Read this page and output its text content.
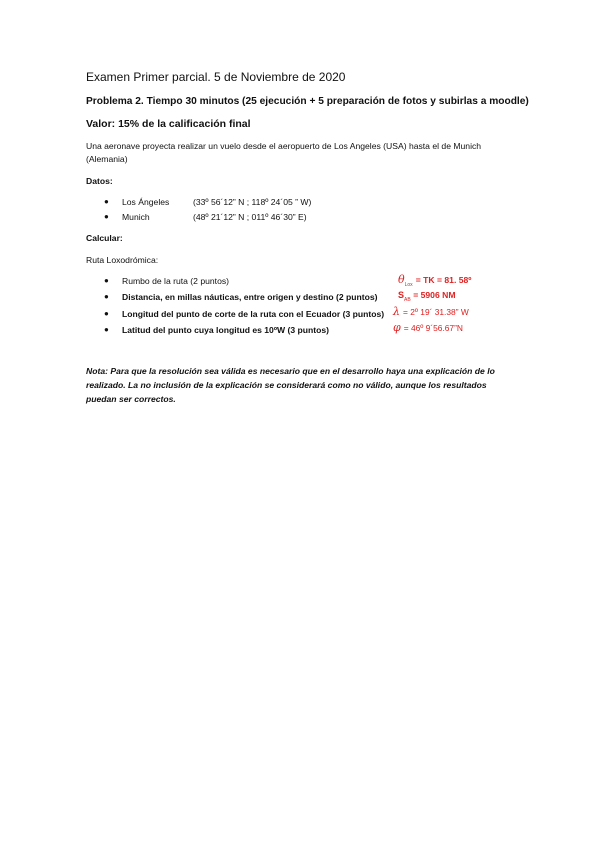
Examen Primer parcial. 5 de Noviembre de 2020
Problema 2. Tiempo 30 minutos (25 ejecución + 5 preparación de fotos y subirlas a moodle)
Valor: 15% de la calificación final
Una aeronave proyecta realizar un vuelo desde el aeropuerto de Los Angeles (USA) hasta el de Munich
(Alemania)
Datos:
● Los Ángeles	(33º 56´12” N ; 118º 24´05 ” W)
● Munich	(48º 21´12” N ; 011º 46´30” E)
Calcular:
Ruta Loxodrómica:
● Rumbo de la ruta (2 puntos)	$\theta_{Lox}$ = TK = 81. 58º
● Distancia, en millas náuticas, entre origen y destino (2 puntos) $S_{AB} = 5906$ NM
● Longitud del punto de corte de la ruta con el Ecuador (3 puntos) λ = 2º 19´ 31.38” W
● Latitud del punto cuya longitud es 10ºW (3 puntos)	φ = 46º 9´56.67”N
Nota: Para que la resolución sea válida es necesario que en el desarrollo haya una explicación de lo realizado. La no inclusión de la explicación se considerará como no válido, aunque los resultados puedan ser correctos.
